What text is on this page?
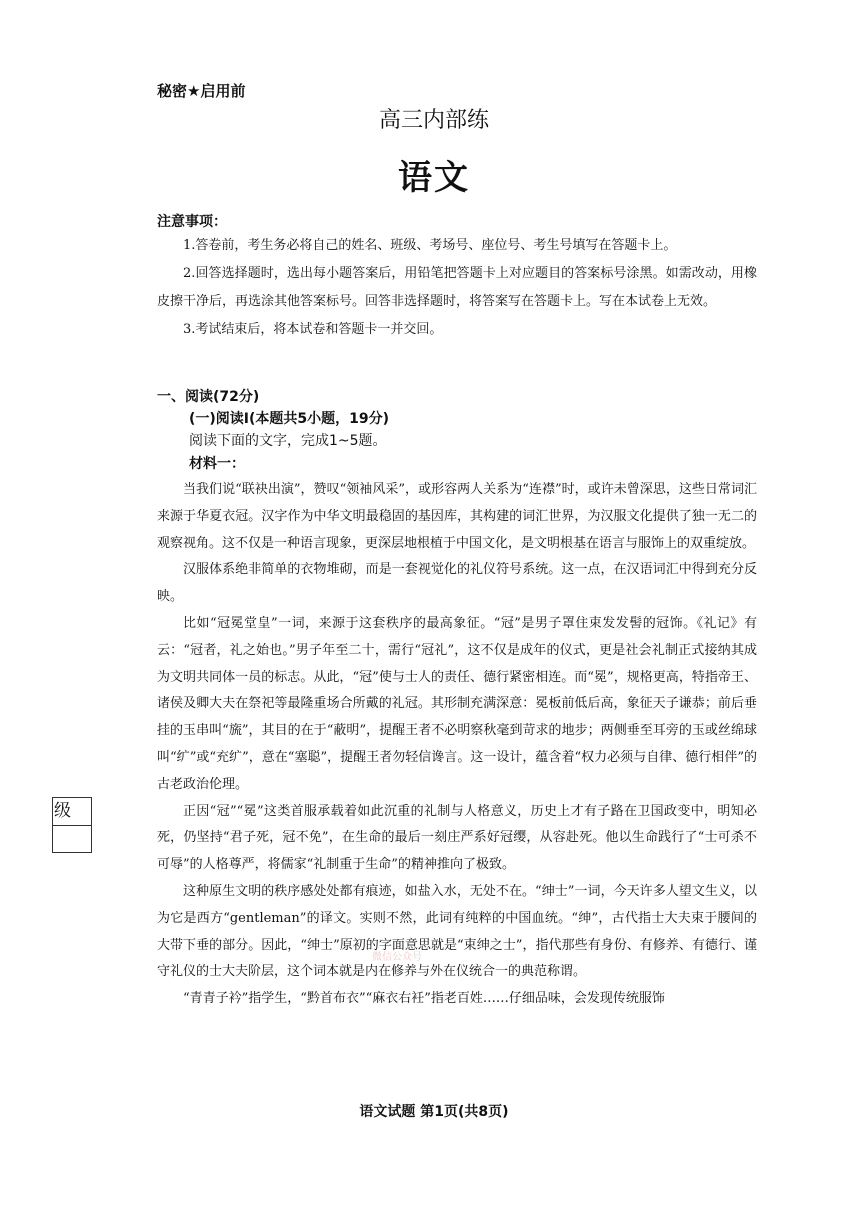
秘密★启用前
高三内部练
语文
注意事项：

1.答卷前，考生务必将自己的姓名、班级、考场号、座位号、考生号填写在答题卡上。

2.回答选择题时，选出每小题答案后，用铅笔把答题卡上对应题目的答案标号涂黑。如需改动，用橡皮擦干净后，再选涂其他答案标号。回答非选择题时，将答案写在答题卡上。写在本试卷上无效。

3.考试结束后，将本试卷和答题卡一并交回。

一、阅读(72分)
(一)阅读Ⅰ(本题共5小题，19分)
阅读下面的文字，完成1~5题。
材料一：

当我们说“联袂出演”，赞叹“领袖风采”，或形容两人关系为“连襟”时，或许未曾深思，这些日常词汇来源于华夏衣冠。汉字作为中华文明最稳固的基因库，其构建的词汇世界，为汉服文化提供了独一无二的观察视角。这不仅是一种语言现象，更深层地根植于中国文化，是文明根基在语言与服饰上的双重绽放。

汉服体系绝非简单的衣物堆砌，而是一套视觉化的礼仪符号系统。这一点，在汉语词汇中得到充分反映。

比如“冠冕堂皇”一词，来源于这套秩序的最高象征。“冠”是男子罩住束发发髻的冠饰。《礼记》有云：“冠者，礼之始也。”男子年至二十，需行“冠礼”，这不仅是成年的仪式，更是社会礼制正式接纳其成为文明共同体一员的标志。从此，“冠”使与士人的责任、德行紧密相连。而“冕”，规格更高，特指帝王、诸侯及卿大夫在祭祀等最隆重场合所戴的礼冠。其形制充满深意：冕板前低后高，象征天子谦恭；前后垂挂的玉串叫“旒”，其目的在于“蔽明”，提醒王者不必明察秋毫到苛求的地步；两侧垂至耳旁的玉或丝绵球叫“纩”或“充纩”，意在“塞聪”，提醒王者勿轻信谗言。这一设计，蕴含着“权力必须与自律、德行相伴”的古老政治伦理。

正因“冠”“冕”这类首服承载着如此沉重的礼制与人格意义，历史上才有子路在卫国政变中，明知必死，仍坚持“君子死，冠不免”，在生命的最后一刻庄严系好冠缨，从容赴死。他以生命践行了“士可杀不可辱”的人格尊严，将儒家“礼制重于生命”的精神推向了极致。

这种原生文明的秩序感处处都有痕迹，如盐入水，无处不在。“绅士”一词，今天许多人望文生义，以为它是西方“gentleman”的译文。实则不然，此词有纯粹的中国血统。“绅”，古代指士大夫束于腰间的大带下垂的部分。因此，“绅士”原初的字面意思就是“束绅之士”，指代那些有身份、有修养、有德行、谨守礼仪的士大夫阶层，这个词本就是内在修养与外在仪统合一的典范称谓。

“青青子衿”指学生，“黔首布衣”“麻衣右衽”指老百姓……仔细品味，会发现传统服饰

级
微信公众号
语文试题 第1页(共8页)
